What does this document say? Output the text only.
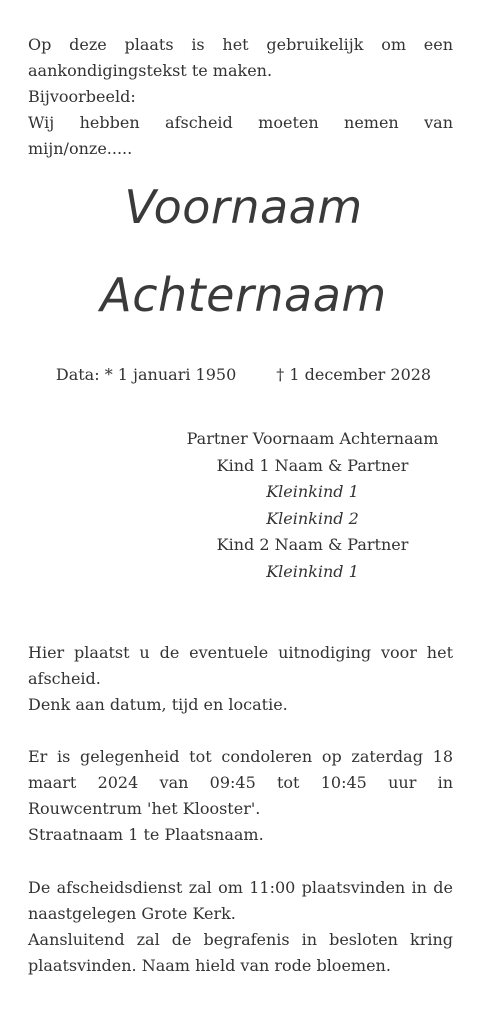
Op deze plaats is het gebruikelijk om een aankondigingstekst te maken.

Bijvoorbeeld:

Wij hebben afscheid moeten nemen van mijn/onze.....

Voornaam
Achternaam
Data: * 1 januari 1950	† 1 december 2028
Partner Voornaam Achternaam
Kind 1 Naam & Partner
Kleinkind 1
Kleinkind 2
Kind 2 Naam & Partner
Kleinkind 1

Hier plaatst u de eventuele uitnodiging voor het afscheid.

Denk aan datum, tijd en locatie.

Er is gelegenheid tot condoleren op zaterdag 18 maart 2024 van 09:45 tot 10:45 uur in Rouwcentrum 'het Klooster'.

Straatnaam 1 te Plaatsnaam.

De afscheidsdienst zal om 11:00 plaatsvinden in de naastgelegen Grote Kerk.

Aansluitend zal de begrafenis in besloten kring plaatsvinden. Naam hield van rode bloemen.
